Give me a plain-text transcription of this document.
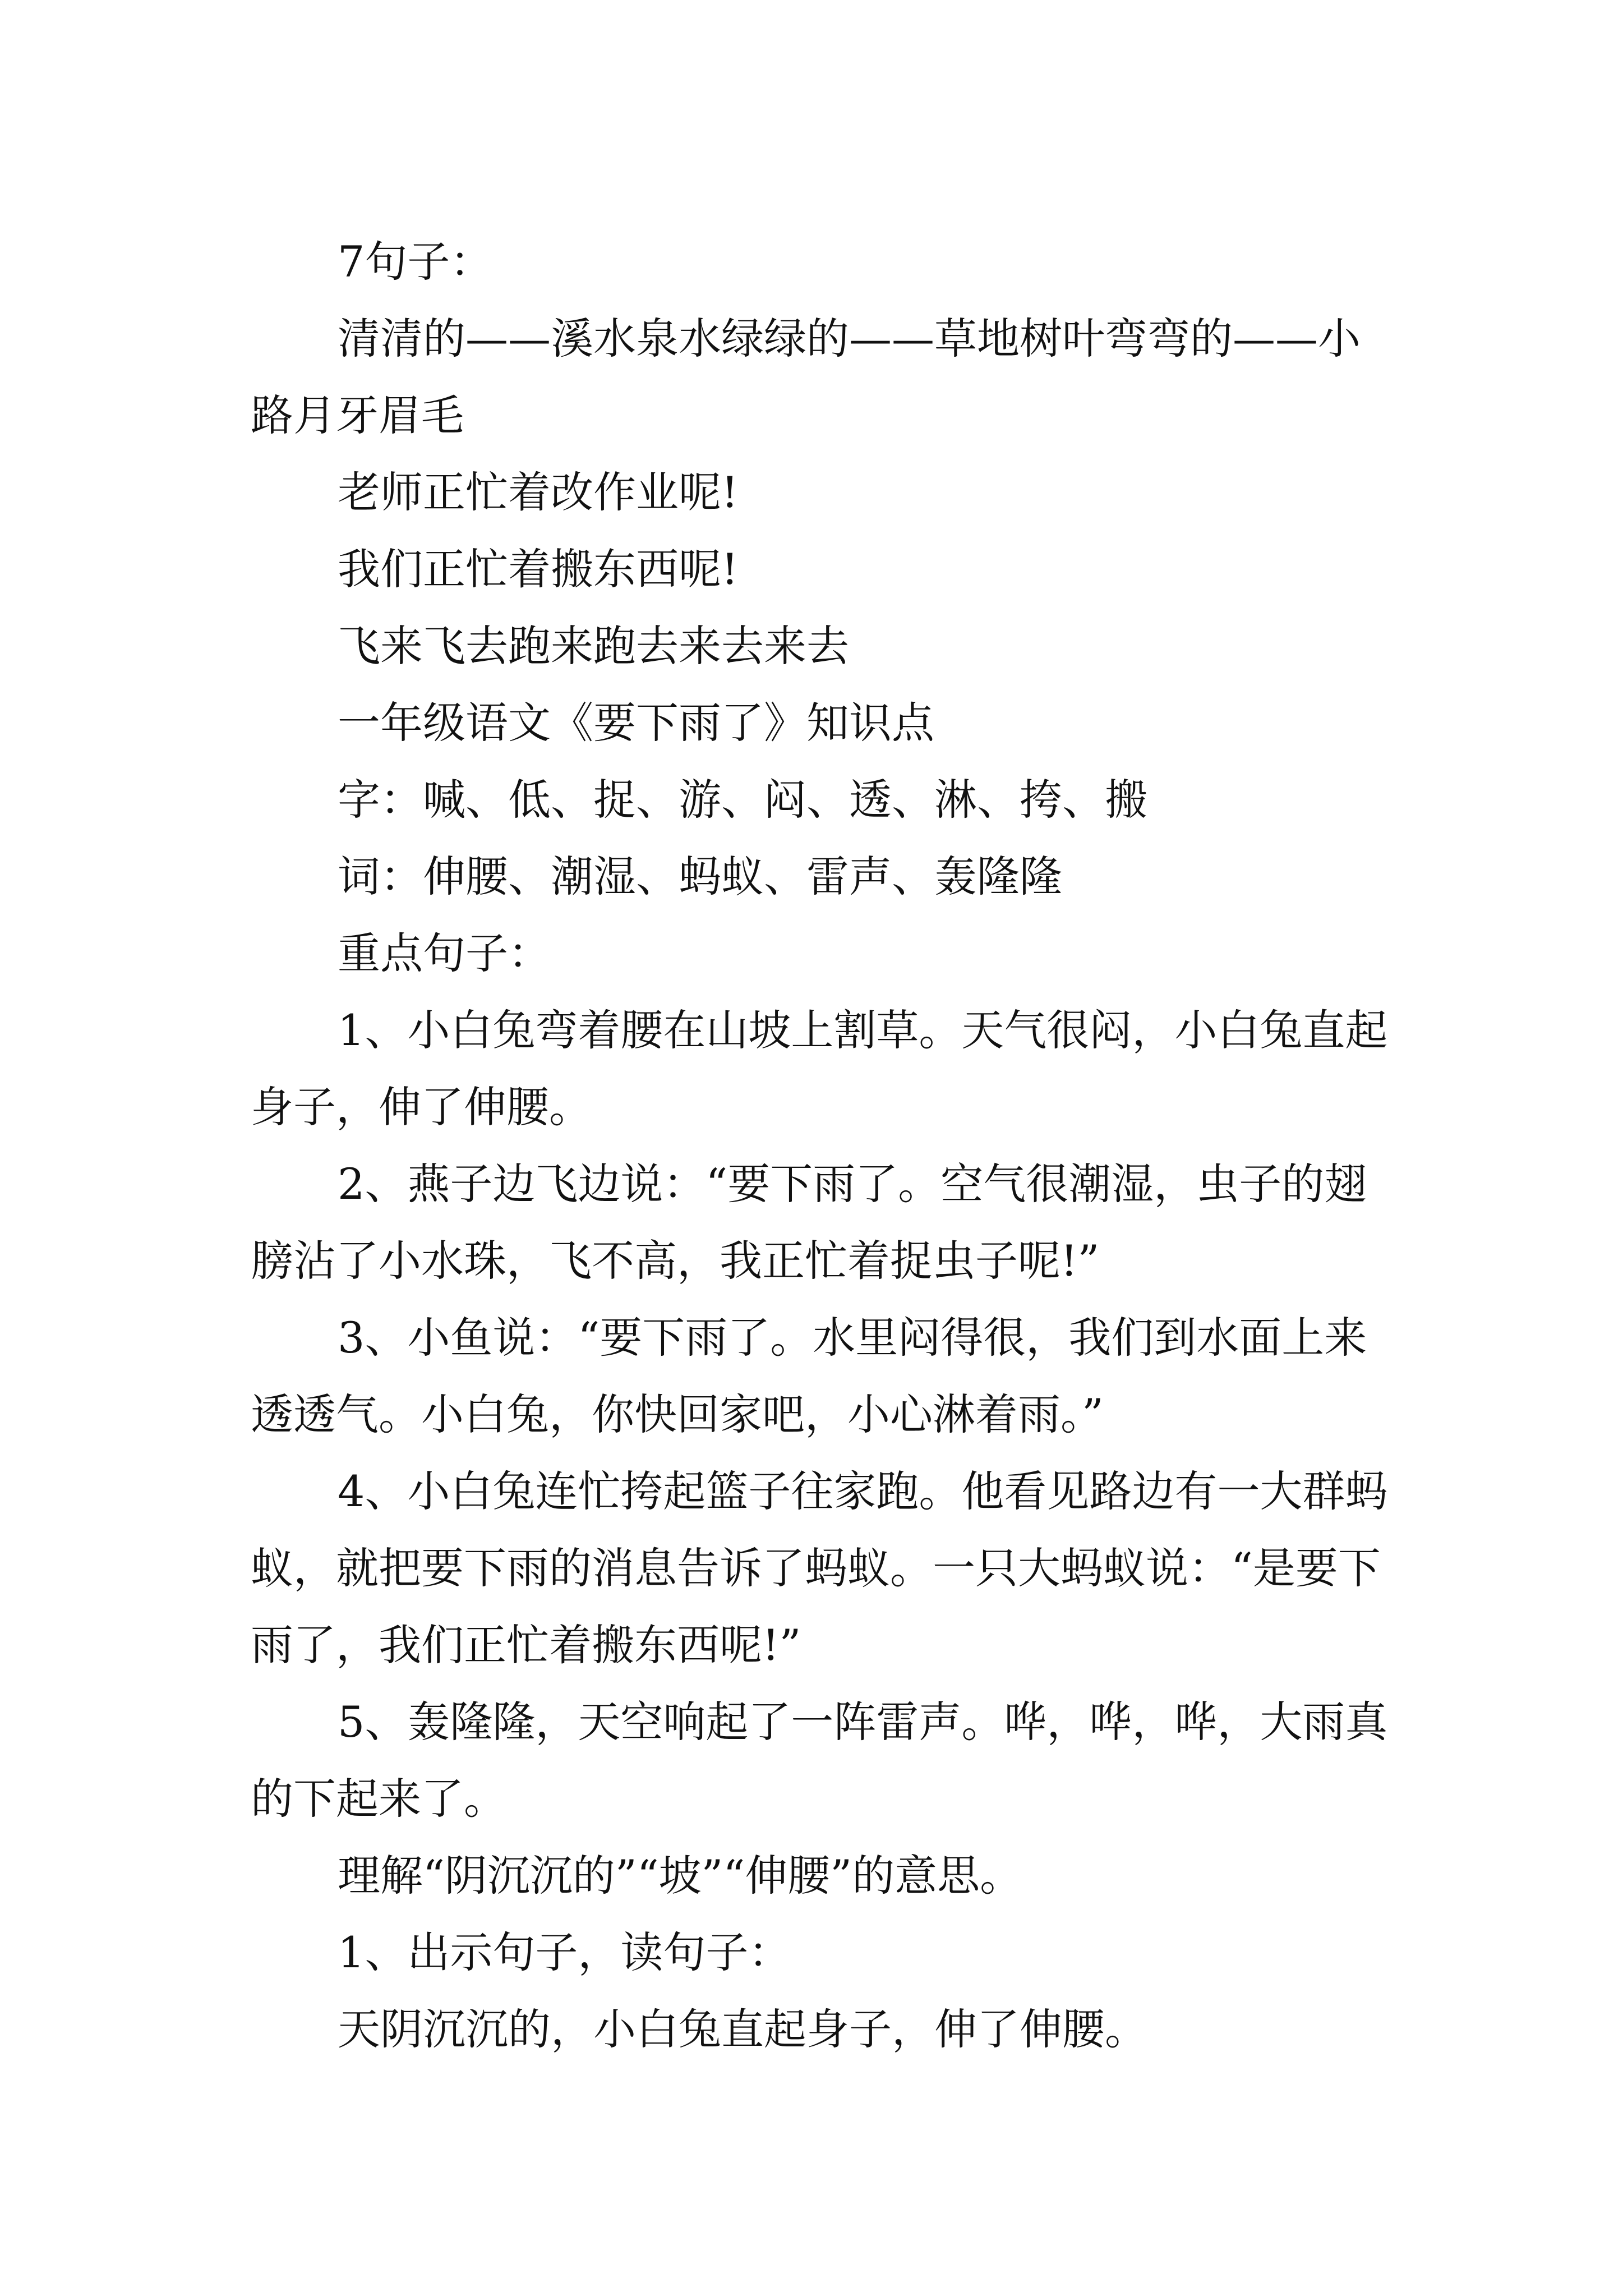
7句子：

清清的——溪水泉水绿绿的——草地树叶弯弯的——小路月牙眉毛

老师正忙着改作业呢!

我们正忙着搬东西呢!

飞来飞去跑来跑去来去来去

一年级语文《要下雨了》知识点

字：喊、低、捉、游、闷、透、淋、挎、搬

词：伸腰、潮湿、蚂蚁、雷声、轰隆隆

重点句子：

1、小白兔弯着腰在山坡上割草。天气很闷，小白兔直起身子，伸了伸腰。

2、燕子边飞边说：“要下雨了。空气很潮湿，虫子的翅膀沾了小水珠，飞不高，我正忙着捉虫子呢!”

3、小鱼说：“要下雨了。水里闷得很，我们到水面上来透透气。小白兔，你快回家吧，小心淋着雨。”

4、小白兔连忙挎起篮子往家跑。他看见路边有一大群蚂蚁，就把要下雨的消息告诉了蚂蚁。一只大蚂蚁说：“是要下雨了，我们正忙着搬东西呢!”

5、轰隆隆，天空响起了一阵雷声。哗，哗，哗，大雨真的下起来了。

理解“阴沉沉的”“坡”“伸腰”的意思。

1、出示句子，读句子：

天阴沉沉的，小白兔直起身子，伸了伸腰。
